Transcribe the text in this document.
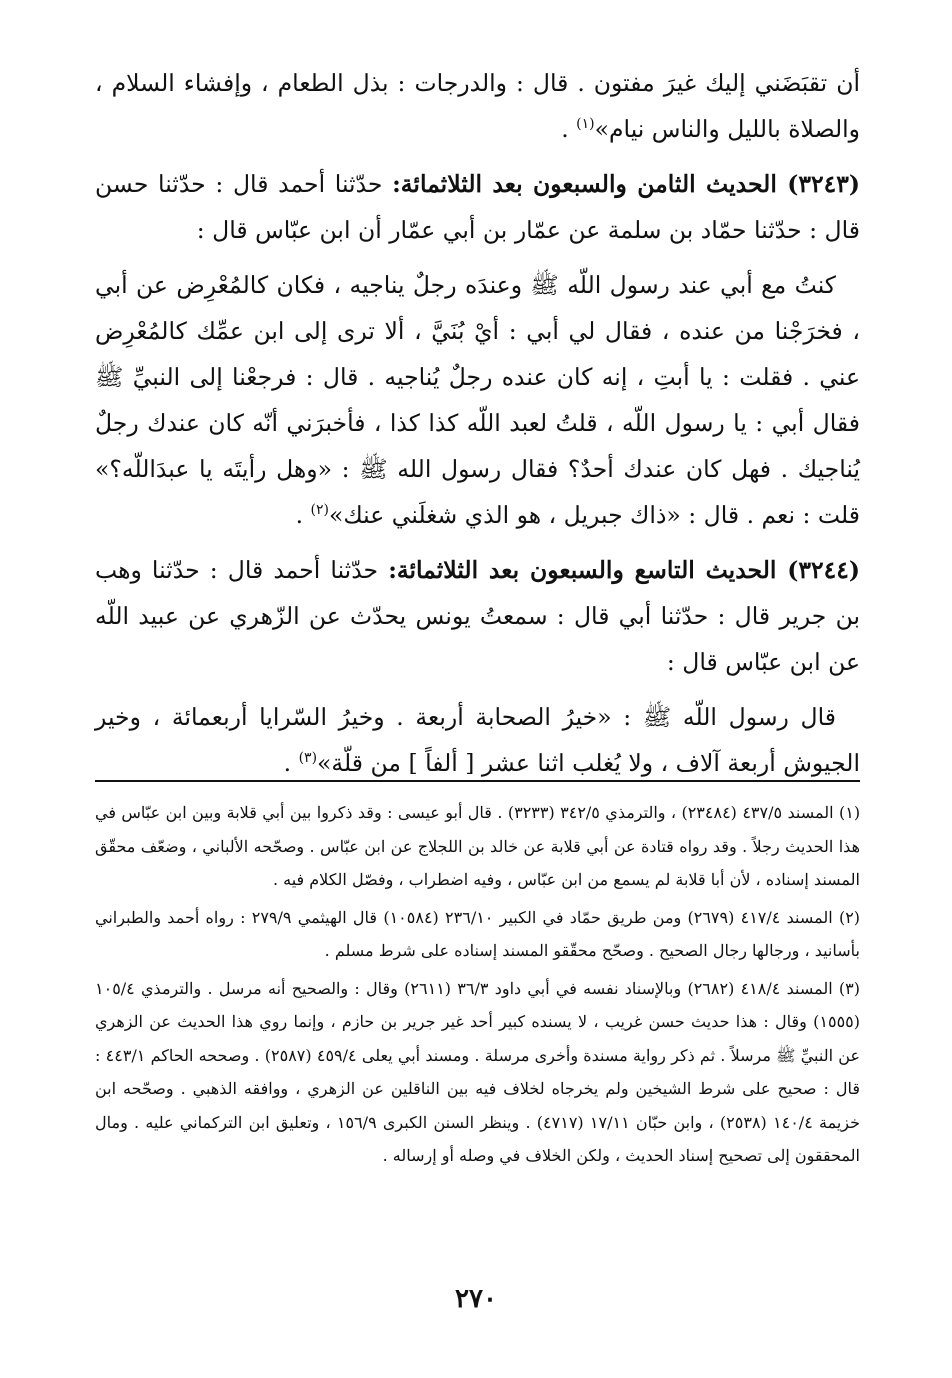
أن تقبَضَني إليك غيرَ مفتون . قال : والدرجات : بذل الطعام ، وإفشاء السلام ، والصلاة بالليل والناس نيام»$^{(١)}$ .

(٣٢٤٣) الحديث الثامن والسبعون بعد الثلاثمائة: حدّثنا أحمد قال : حدّثنا حسن قال : حدّثنا حمّاد بن سلمة عن عمّار بن أبي عمّار أن ابن عبّاس قال :

كنتُ مع أبي عند رسول اللّه ﷺ وعندَه رجلٌ يناجيه ، فكان كالمُعْرِض عن أبي ، فخرَجْنا من عنده ، فقال لي أبي : أيْ بُنَيَّ ، ألا ترى إلى ابن عمِّك كالمُعْرِض عني . فقلت : يا أبتِ ، إنه كان عنده رجلٌ يُناجيه . قال : فرجعْنا إلى النبيِّ ﷺ فقال أبي : يا رسول اللّه ، قلتُ لعبد اللّه كذا كذا ، فأخبرَني أنّه كان عندك رجلٌ يُناجيك . فهل كان عندك أحدٌ؟ فقال رسول الله ﷺ : «وهل رأيتَه يا عبدَاللّه؟» قلت : نعم . قال : «ذاك جبريل ، هو الذي شغلَني عنك»$^{(٢)}$ .

(٣٢٤٤) الحديث التاسع والسبعون بعد الثلاثمائة: حدّثنا أحمد قال : حدّثنا وهب بن جرير قال : حدّثنا أبي قال : سمعتُ يونس يحدّث عن الزّهري عن عبيد اللّه عن ابن عبّاس قال :

قال رسول اللّه ﷺ : «خيرُ الصحابة أربعة . وخيرُ السّرايا أربعمائة ، وخير الجيوش أربعة آلاف ، ولا يُغلب اثنا عشر [ ألفاً ] من قلّة»$^{(٣)}$ .

(١) المسند ٤٣٧/٥ (٢٣٤٨٤) ، والترمذي ٣٤٢/٥ (٣٢٣٣) . قال أبو عيسى : وقد ذكروا بين أبي قلابة وبين ابن عبّاس في هذا الحديث رجلاً . وقد رواه قتادة عن أبي قلابة عن خالد بن اللجلاج عن ابن عبّاس . وصحّحه الألباني ، وضعّف محقّق المسند إسناده ، لأن أبا قلابة لم يسمع من ابن عبّاس ، وفيه اضطراب ، وفصّل الكلام فيه .

(٢) المسند ٤١٧/٤ (٢٦٧٩) ومن طريق حمّاد في الكبير ٢٣٦/١٠ (١٠٥٨٤) قال الهيثمي ٢٧٩/٩ : رواه أحمد والطبراني بأسانيد ، ورجالها رجال الصحيح . وصحّح محقّقو المسند إسناده على شرط مسلم .

(٣) المسند ٤١٨/٤ (٢٦٨٢) وبالإسناد نفسه في أبي داود ٣٦/٣ (٢٦١١) وقال : والصحيح أنه مرسل . والترمذي ١٠٥/٤ (١٥٥٥) وقال : هذا حديث حسن غريب ، لا يسنده كبير أحد غير جرير بن حازم ، وإنما روي هذا الحديث عن الزهري عن النبيِّ ﷺ مرسلاً . ثم ذكر رواية مسندة وأخرى مرسلة . ومسند أبي يعلى ٤٥٩/٤ (٢٥٨٧) . وصححه الحاكم ٤٤٣/١ : قال : صحيح على شرط الشيخين ولم يخرجاه لخلاف فيه بين الناقلين عن الزهري ، ووافقه الذهبي . وصحّحه ابن خزيمة ١٤٠/٤ (٢٥٣٨) ، وابن حبّان ١٧/١١ (٤٧١٧) . وينظر السنن الكبرى ١٥٦/٩ ، وتعليق ابن التركماني عليه . ومال المحققون إلى تصحيح إسناد الحديث ، ولكن الخلاف في وصله أو إرساله .

٢٧٠
